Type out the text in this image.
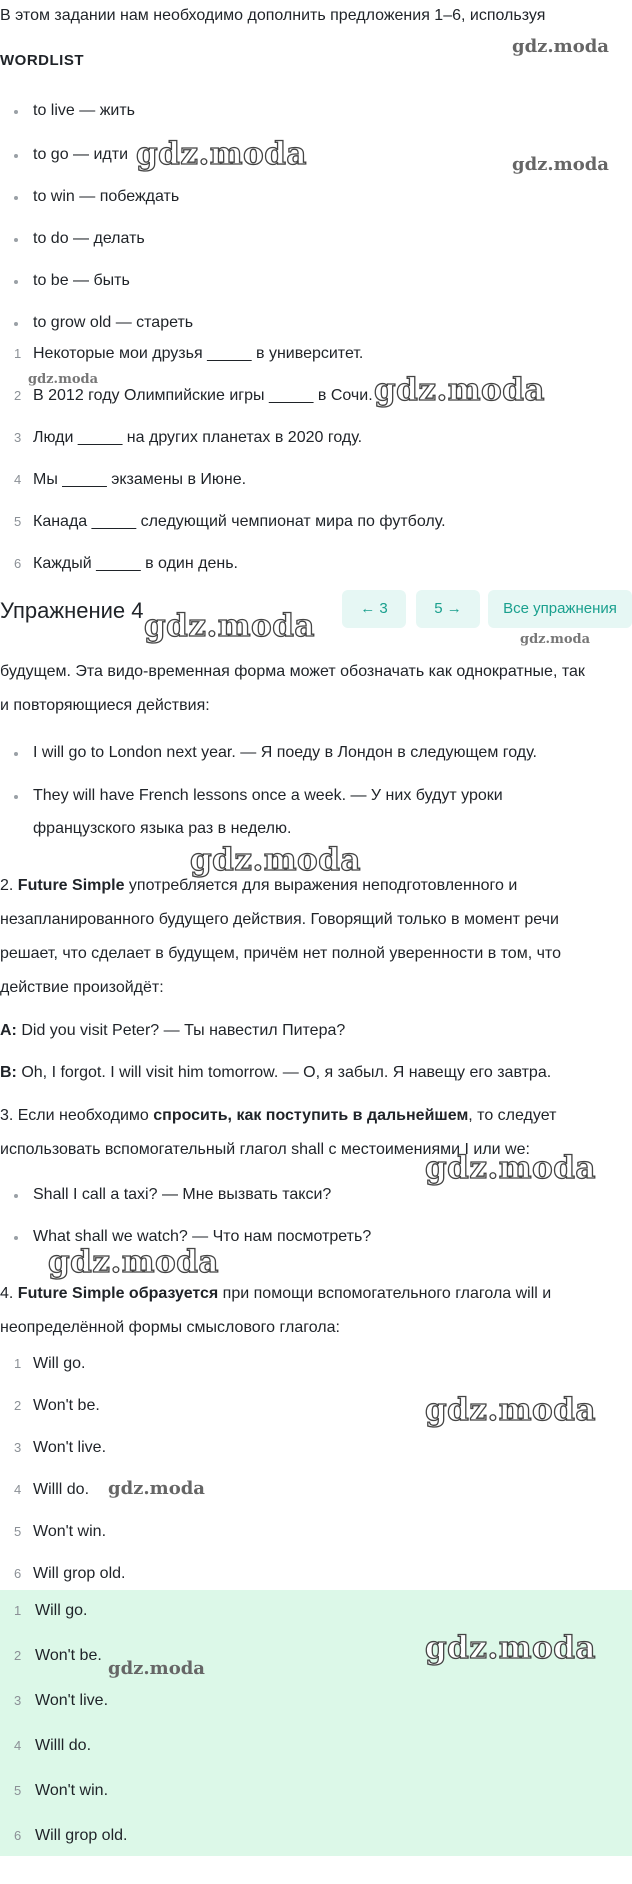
В этом задании нам необходимо дополнить предложения 1–6, используя
WORDLIST
to live — жить
to go — идти
to win — побеждать
to do — делать
to be — быть
to grow old — стареть
1 Некоторые мои друзья _____ в университет.
2 В 2012 году Олимпийские игры _____ в Сочи.
3 Люди _____ на других планетах в 2020 году.
4 Мы _____ экзамены в Июне.
5 Канада _____ следующий чемпионат мира по футболу.
6 Каждый _____ в один день.
Упражнение 4	← 3	5 →	Все упражнения
будущем. Эта видо-временная форма может обозначать как однократные, так
и повторяющиеся действия:
I will go to London next year. — Я поеду в Лондон в следующем году.
They will have French lessons once a week. — У них будут уроки
французского языка раз в неделю.
2. Future Simple употребляется для выражения неподготовленного и
незапланированного будущего действия. Говорящий только в момент речи
решает, что сделает в будущем, причём нет полной уверенности в том, что
действие произойдёт:
A: Did you visit Peter? — Ты навестил Питера?
B: Oh, I forgot. I will visit him tomorrow. — О, я забыл. Я навещу его завтра.
3. Если необходимо спросить, как поступить в дальнейшем, то следует
использовать вспомогательный глагол shall с местоимениями I или we:
Shall I call a taxi? — Мне вызвать такси?
What shall we watch? — Что нам посмотреть?
4. Future Simple образуется при помощи вспомогательного глагола will и
неопределённой формы смыслового глагола:
1 Will go.
2 Won't be.
3 Won't live.
4 Willl do.
5 Won't win.
6 Will grop old.
1 Will go.
2 Won't be.
3 Won't live.
4 Willl do.
5 Won't win.
6 Will grop old.
gdz.moda
gdz.moda	gdz.moda
gdz.moda	gdz.moda
gdz.moda	gdz.moda
gdz.moda
gdz.moda
gdz.moda
gdz.moda
gdz.moda
gdz.moda
gdz.moda
